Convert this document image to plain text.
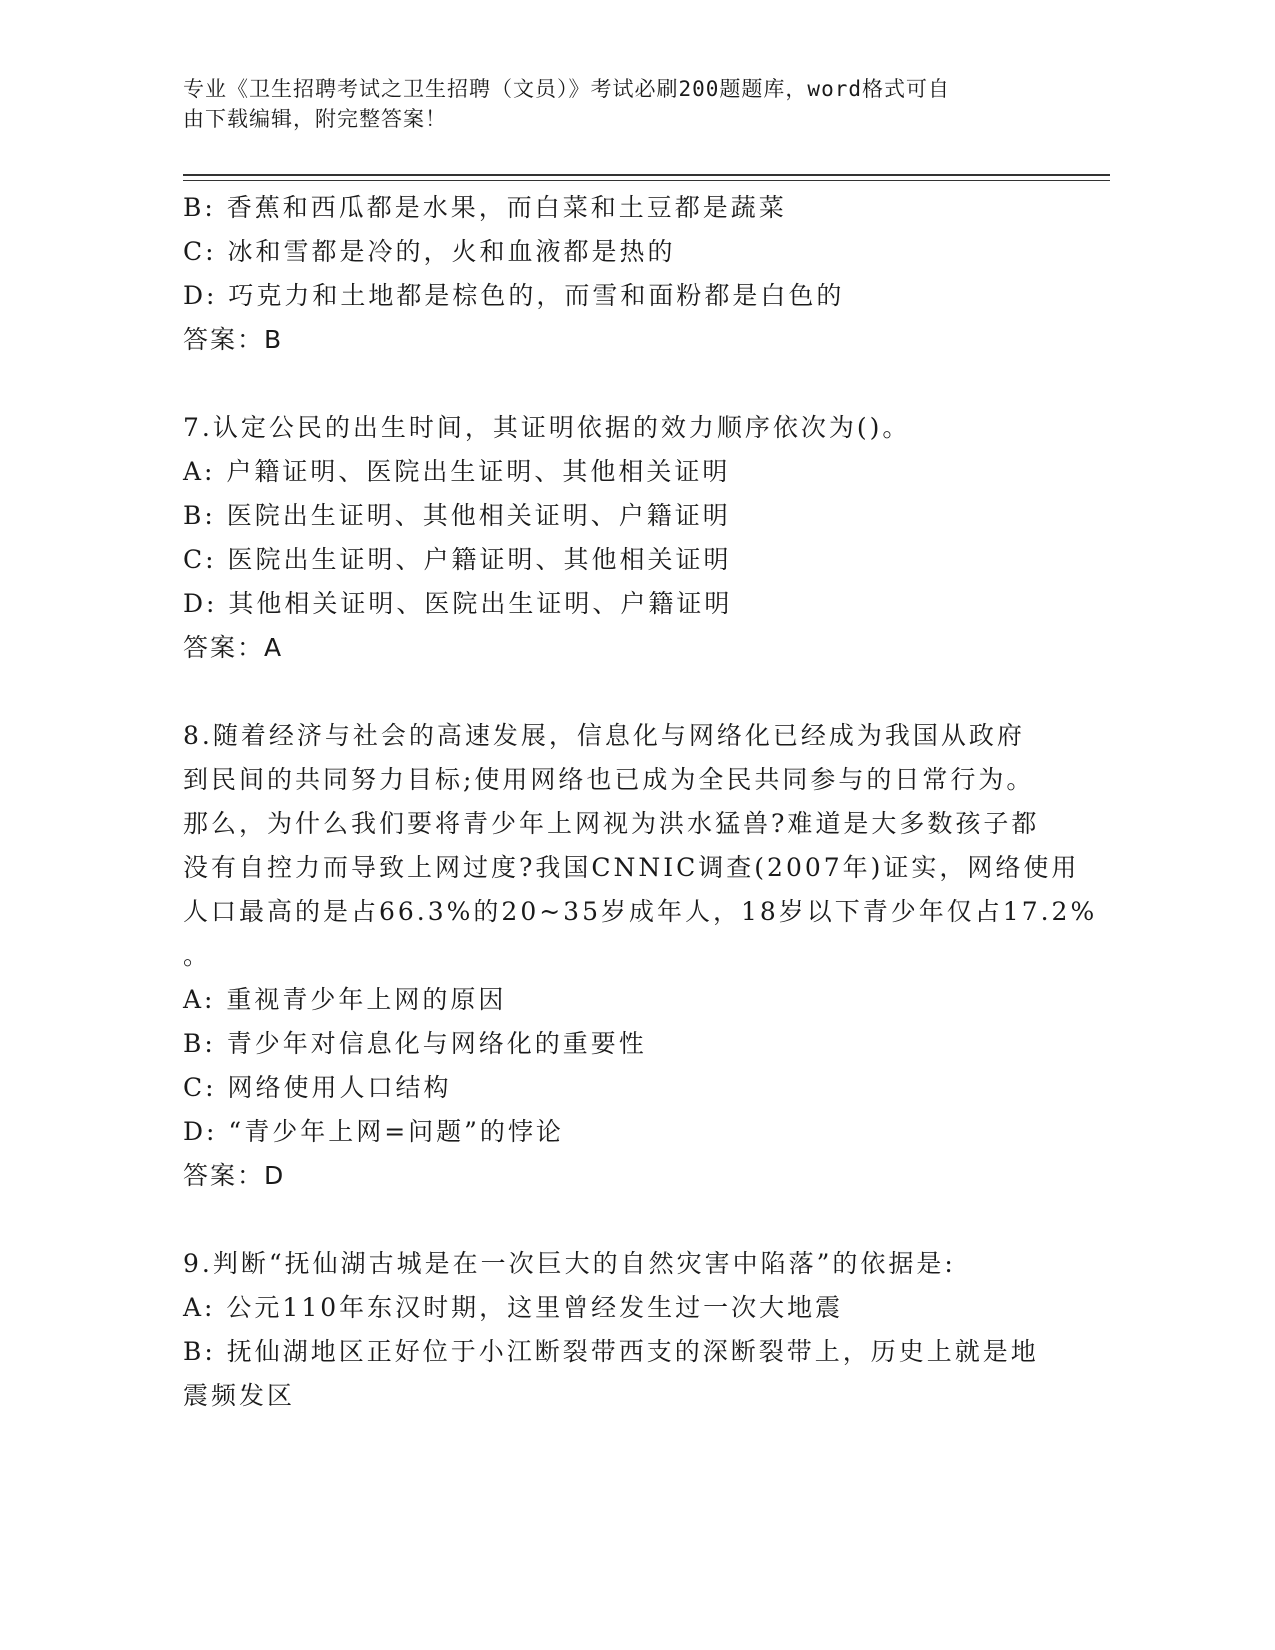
专业《卫生招聘考试之卫生招聘（文员）》考试必刷200题题库，word格式可自
由下载编辑，附完整答案！
B: 香蕉和西瓜都是水果，而白菜和土豆都是蔬菜
C: 冰和雪都是冷的，火和血液都是热的
D: 巧克力和土地都是棕色的，而雪和面粉都是白色的
答案：B
7.认定公民的出生时间，其证明依据的效力顺序依次为()。
A: 户籍证明、医院出生证明、其他相关证明
B: 医院出生证明、其他相关证明、户籍证明
C: 医院出生证明、户籍证明、其他相关证明
D: 其他相关证明、医院出生证明、户籍证明
答案：A
8.随着经济与社会的高速发展，信息化与网络化已经成为我国从政府
到民间的共同努力目标;使用网络也已成为全民共同参与的日常行为。
那么，为什么我们要将青少年上网视为洪水猛兽?难道是大多数孩子都
没有自控力而导致上网过度?我国CNNIC调查(2007年)证实，网络使用
人口最高的是占66.3%的20~35岁成年人，18岁以下青少年仅占17.2%
。
A: 重视青少年上网的原因
B: 青少年对信息化与网络化的重要性
C: 网络使用人口结构
D: “青少年上网=问题”的悖论
答案：D
9.判断“抚仙湖古城是在一次巨大的自然灾害中陷落”的依据是:
A: 公元110年东汉时期，这里曾经发生过一次大地震
B: 抚仙湖地区正好位于小江断裂带西支的深断裂带上，历史上就是地
震频发区
